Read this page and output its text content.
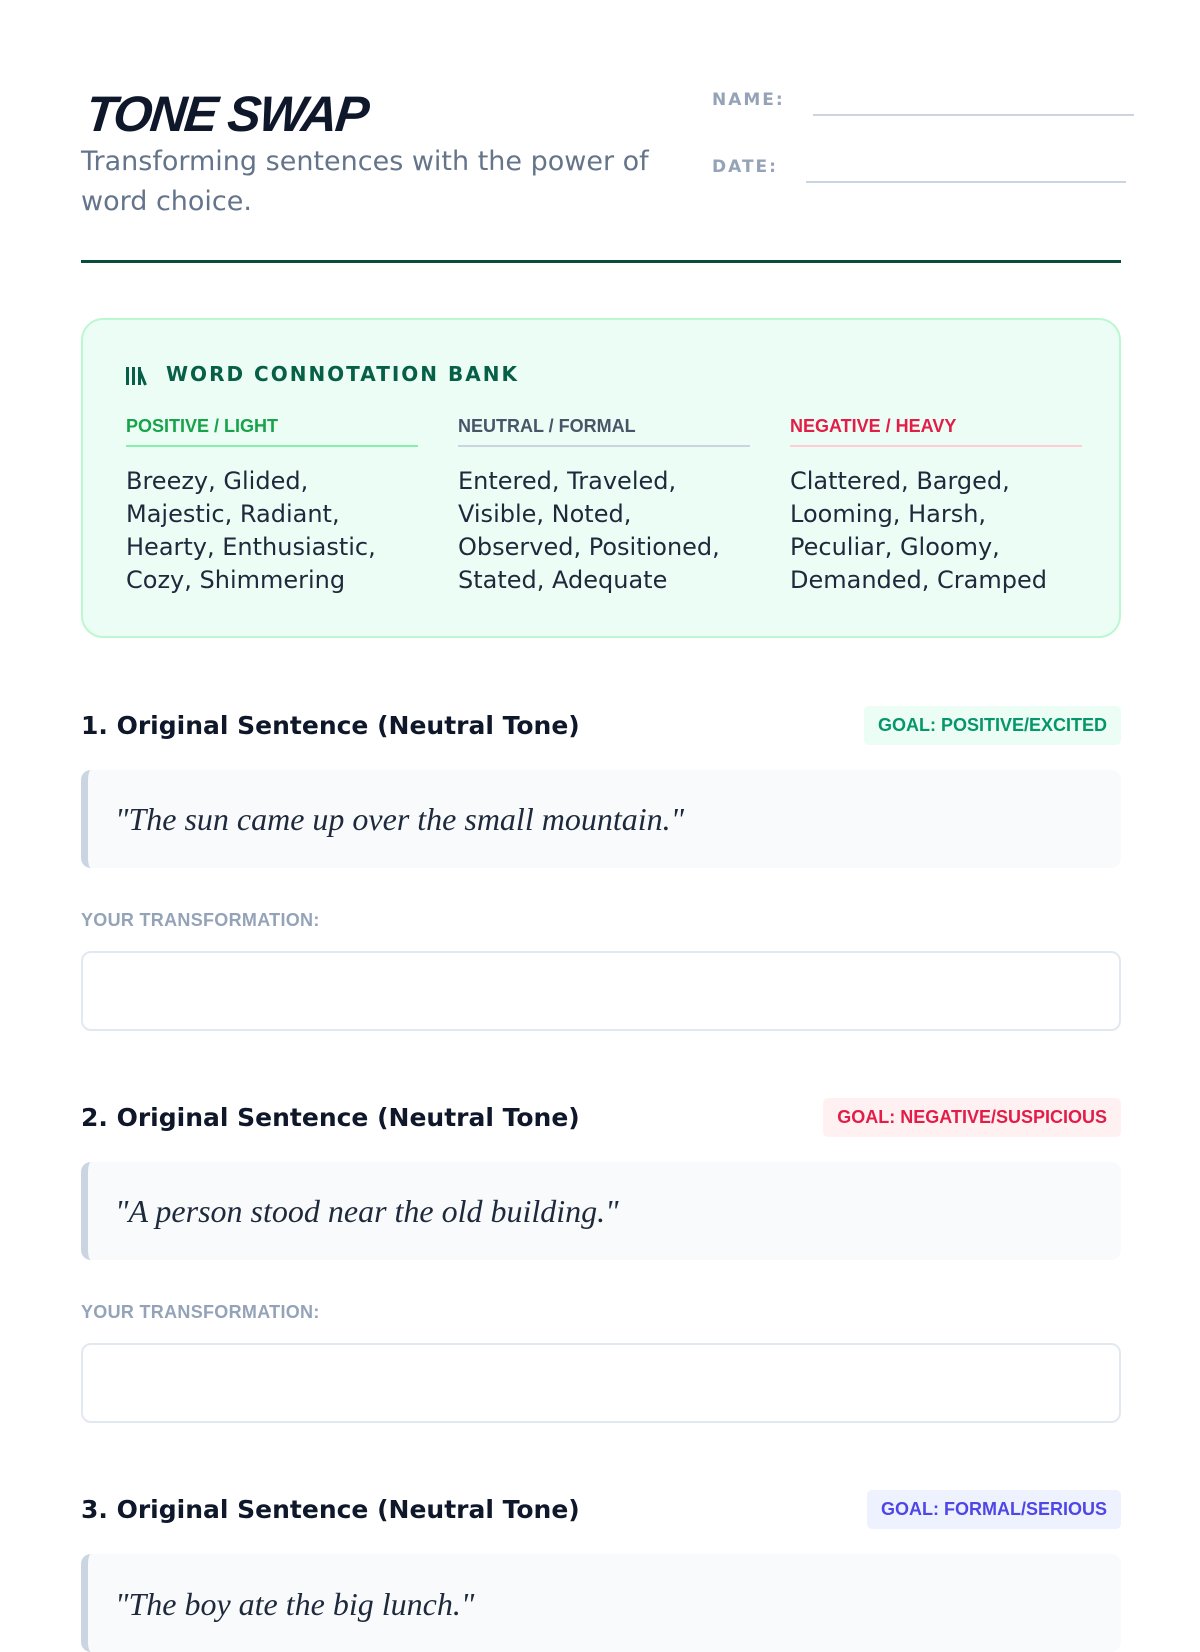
TONE SWAP
Transforming sentences with the power of word choice.
NAME:
DATE:
WORD CONNOTATION BANK
POSITIVE / LIGHT
Breezy, Glided, Majestic, Radiant, Hearty, Enthusiastic, Cozy, Shimmering
NEUTRAL / FORMAL
Entered, Traveled, Visible, Noted, Observed, Positioned, Stated, Adequate
NEGATIVE / HEAVY
Clattered, Barged, Looming, Harsh, Peculiar, Gloomy, Demanded, Cramped
1. Original Sentence (Neutral Tone)	GOAL: POSITIVE/EXCITED
"The sun came up over the small mountain."
YOUR TRANSFORMATION:
2. Original Sentence (Neutral Tone)	GOAL: NEGATIVE/SUSPICIOUS
"A person stood near the old building."
YOUR TRANSFORMATION:
3. Original Sentence (Neutral Tone)	GOAL: FORMAL/SERIOUS
"The boy ate the big lunch."
